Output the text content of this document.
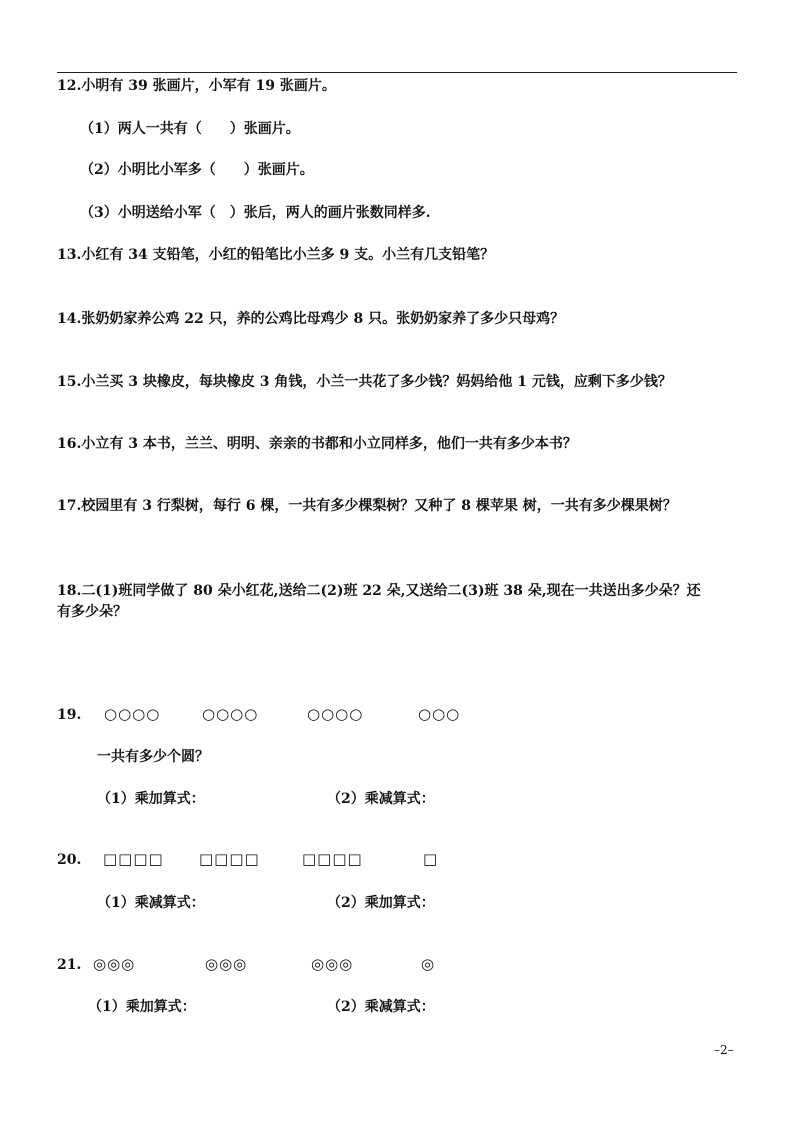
12.小明有 39 张画片，小军有 19 张画片。
（1）两人一共有（　　）张画片。
（2）小明比小军多（　　）张画片。
（3）小明送给小军（　）张后，两人的画片张数同样多.
13.小红有 34 支铅笔，小红的铅笔比小兰多 9 支。小兰有几支铅笔？
14.张奶奶家养公鸡 22 只，养的公鸡比母鸡少 8 只。张奶奶家养了多少只母鸡？
15.小兰买 3 块橡皮，每块橡皮 3 角钱，小兰一共花了多少钱？妈妈给他 1 元钱，应剩下多少钱？
16.小立有 3 本书，兰兰、明明、亲亲的书都和小立同样多，他们一共有多少本书？
17.校园里有 3 行梨树，每行 6 棵，一共有多少棵梨树？又种了 8 棵苹果 树，一共有多少棵果树？
18.二(1)班同学做了 80 朵小红花,送给二(2)班 22 朵,又送给二(3)班 38 朵,现在一共送出多少朵？还
有多少朵？
19. ○○○○	○○○○	○○○○	○○○
一共有多少个圆？
（1）乘加算式：	（2）乘减算式：
20. □□□□ □□□□	□□□□	□
（1）乘减算式：	（2）乘加算式：
21. ◎◎◎	◎◎◎	◎◎◎	◎
（1）乘加算式：	（2）乘减算式：
–2–
